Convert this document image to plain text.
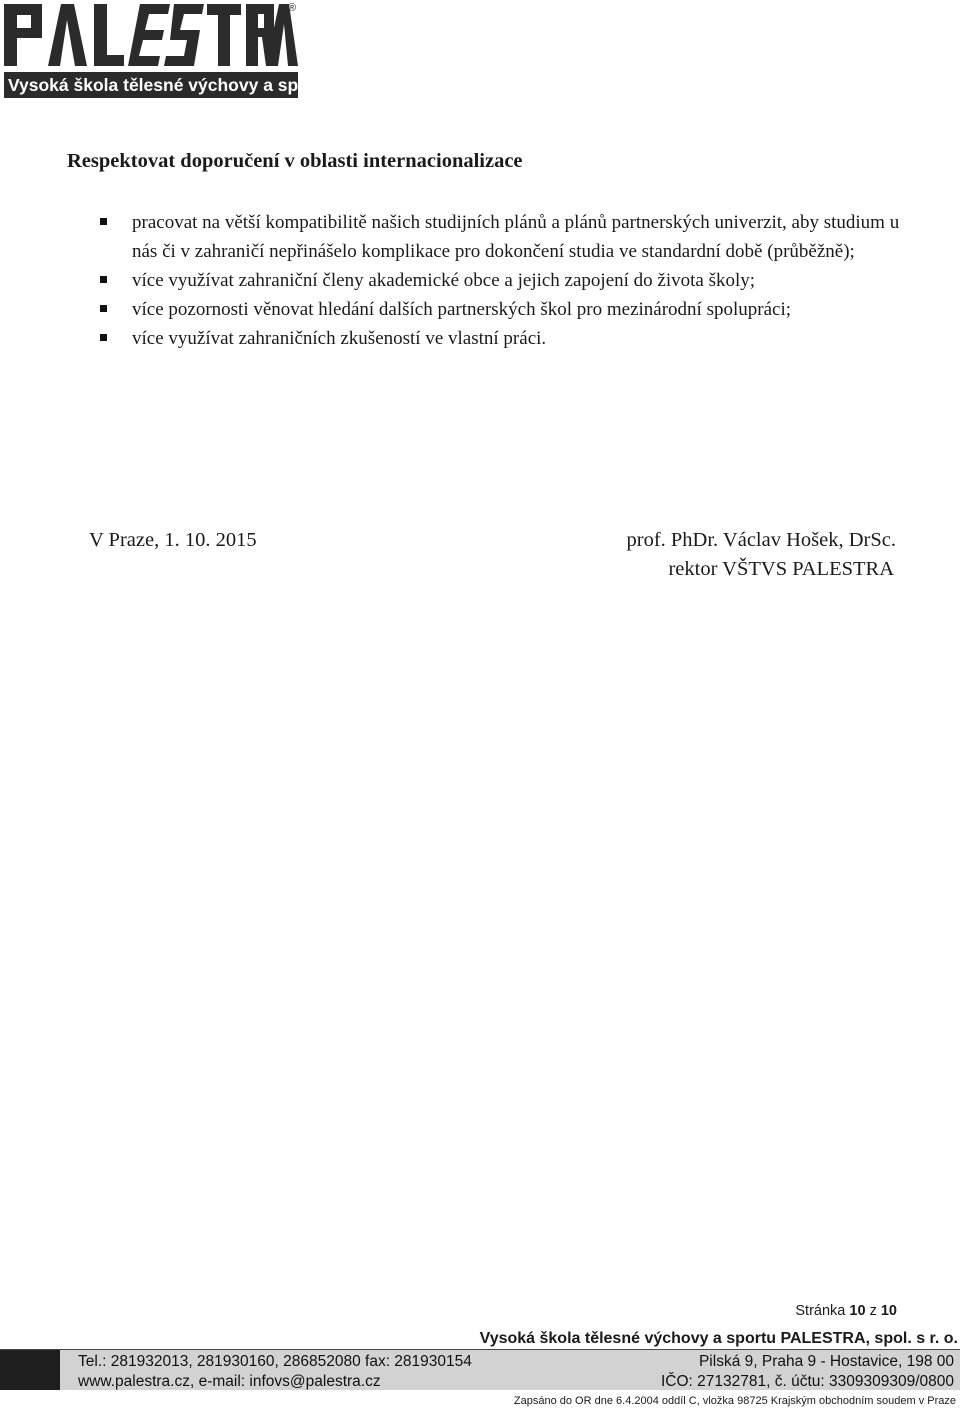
®
Vysoká škola tělesné výchovy a sportu
Respektovat doporučení v oblasti internacionalizace
pracovat na větší kompatibilitě našich studijních plánů a plánů partnerských univerzit, aby studium u nás či v zahraničí nepřinášelo komplikace pro dokončení studia ve standardní době (průběžně);
více využívat zahraniční členy akademické obce a jejich zapojení do života školy;
více pozornosti věnovat hledání dalších partnerských škol pro mezinárodní spolupráci;
více využívat zahraničních zkušeností ve vlastní práci.
V Praze, 1. 10. 2015	prof. PhDr. Václav Hošek, DrSc.
rektor VŠTVS PALESTRA
Stránka 10 z 10
Vysoká škola tělesné výchovy a sportu PALESTRA, spol. s r. o.
Tel.: 281932013, 281930160, 286852080 fax: 281930154
www.palestra.cz, e-mail: infovs@palestra.cz
Pilská 9, Praha 9 - Hostavice, 198 00
IČO: 27132781, č. účtu: 3309309309/0800
Zapsáno do OR dne 6.4.2004 oddíl C, vložka 98725 Krajským obchodním soudem v Praze
